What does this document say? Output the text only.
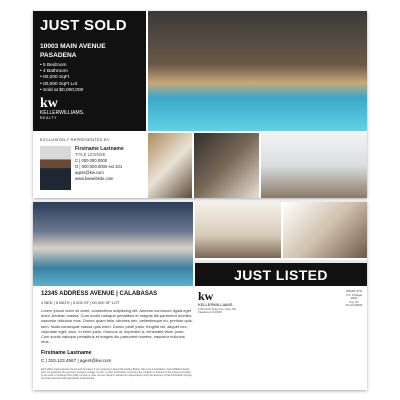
JUST SOLD
10003 MAIN AVENUE
PASADENA
• 5 Bedroom
• 4 Bathroom
• 00,000 SqFt
• 00,000 SqFt Lot
• Sold at $0,000,000
kw
KELLERWILLIAMS.
REALTY
EXCLUSIVELY REPRESENTED BY
Firstname Lastname
TITLE LICENSE
C | 000.000.0000
O | 000.000.0000 ext 101
agent@kw.com
www.kwwebsite.com
JUST LISTED
12345 ADDRESS AVENUE | CALABASAS
4 BED | 5 BATH | 0,000 SF | 00,000 SF LOT
Lorem ipsum dolor sit amet, consectetur adipiscing elit. Aenean commodo ligula eget dolor. Aenean massa. Cum sociis natoque penatibus et magnis dis parturient montes, nascetur ridiculus mus. Donec quam felis, ultricies nec, pellentesque eu, pretium quis, sem. Nulla consequat massa quis enim. Donec pede justo, fringilla vel, aliquet nec, vulputate eget, arcu. In enim justo, rhoncus ut, imperdiet a, venenatis vitae, justo. Cum sociis natoque penatibus et magnis dis parturient montes, nascetur ridiculus mus.
Firstname Lastname
C | 310.123.4567 | agent@kw.com
Each Office Independently Owned and Operated. If your property is listed with another Broker, this is not a solicitation. Keller Williams Realty does not guarantee the accuracy of square footage, lot size, or other information concerning the condition or features of the property provided by the seller or obtained from public records or other sources. Buyer is advised to independently verify the accuracy of that information through personal inspection with appropriate professionals.
kw
KELLERWILLIAMS.
1234 North Street Ave, Suite 100, Pasadena CA 90000
PRSRT STD
U.S. Postage
PAID
City, ST
Permit #0000
